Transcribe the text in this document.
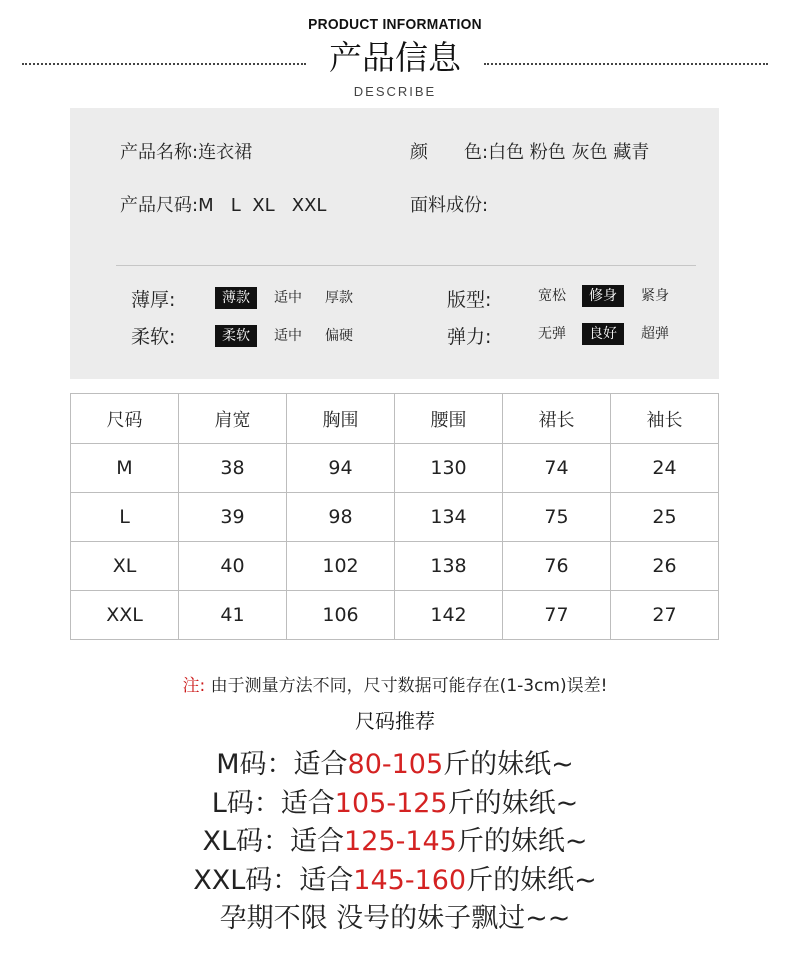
PRODUCT INFORMATION
产品信息
DESCRIBE
产品名称:连衣裙	颜　　色:白色 粉色 灰色 藏青
产品尺码:M   L  XL   XXL	面料成份:
薄厚:	薄款	适中 厚款	版型:	宽松	修身	紧身
柔软:	柔软	适中 偏硬	弹力:	无弹	良好	超弹
尺码	肩宽	胸围	腰围	裙长	袖长
M	38	94	130	74	24
L	39	98	134	75	25
XL	40	102	138	76	26
XXL	41	106	142	77	27
注: 由于测量方法不同，尺寸数据可能存在(1-3cm)误差!
尺码推荐
M码：适合80-105斤的妹纸~
L码：适合105-125斤的妹纸~
XL码：适合125-145斤的妹纸~
XXL码：适合145-160斤的妹纸~
孕期不限 没号的妹子飘过~~
